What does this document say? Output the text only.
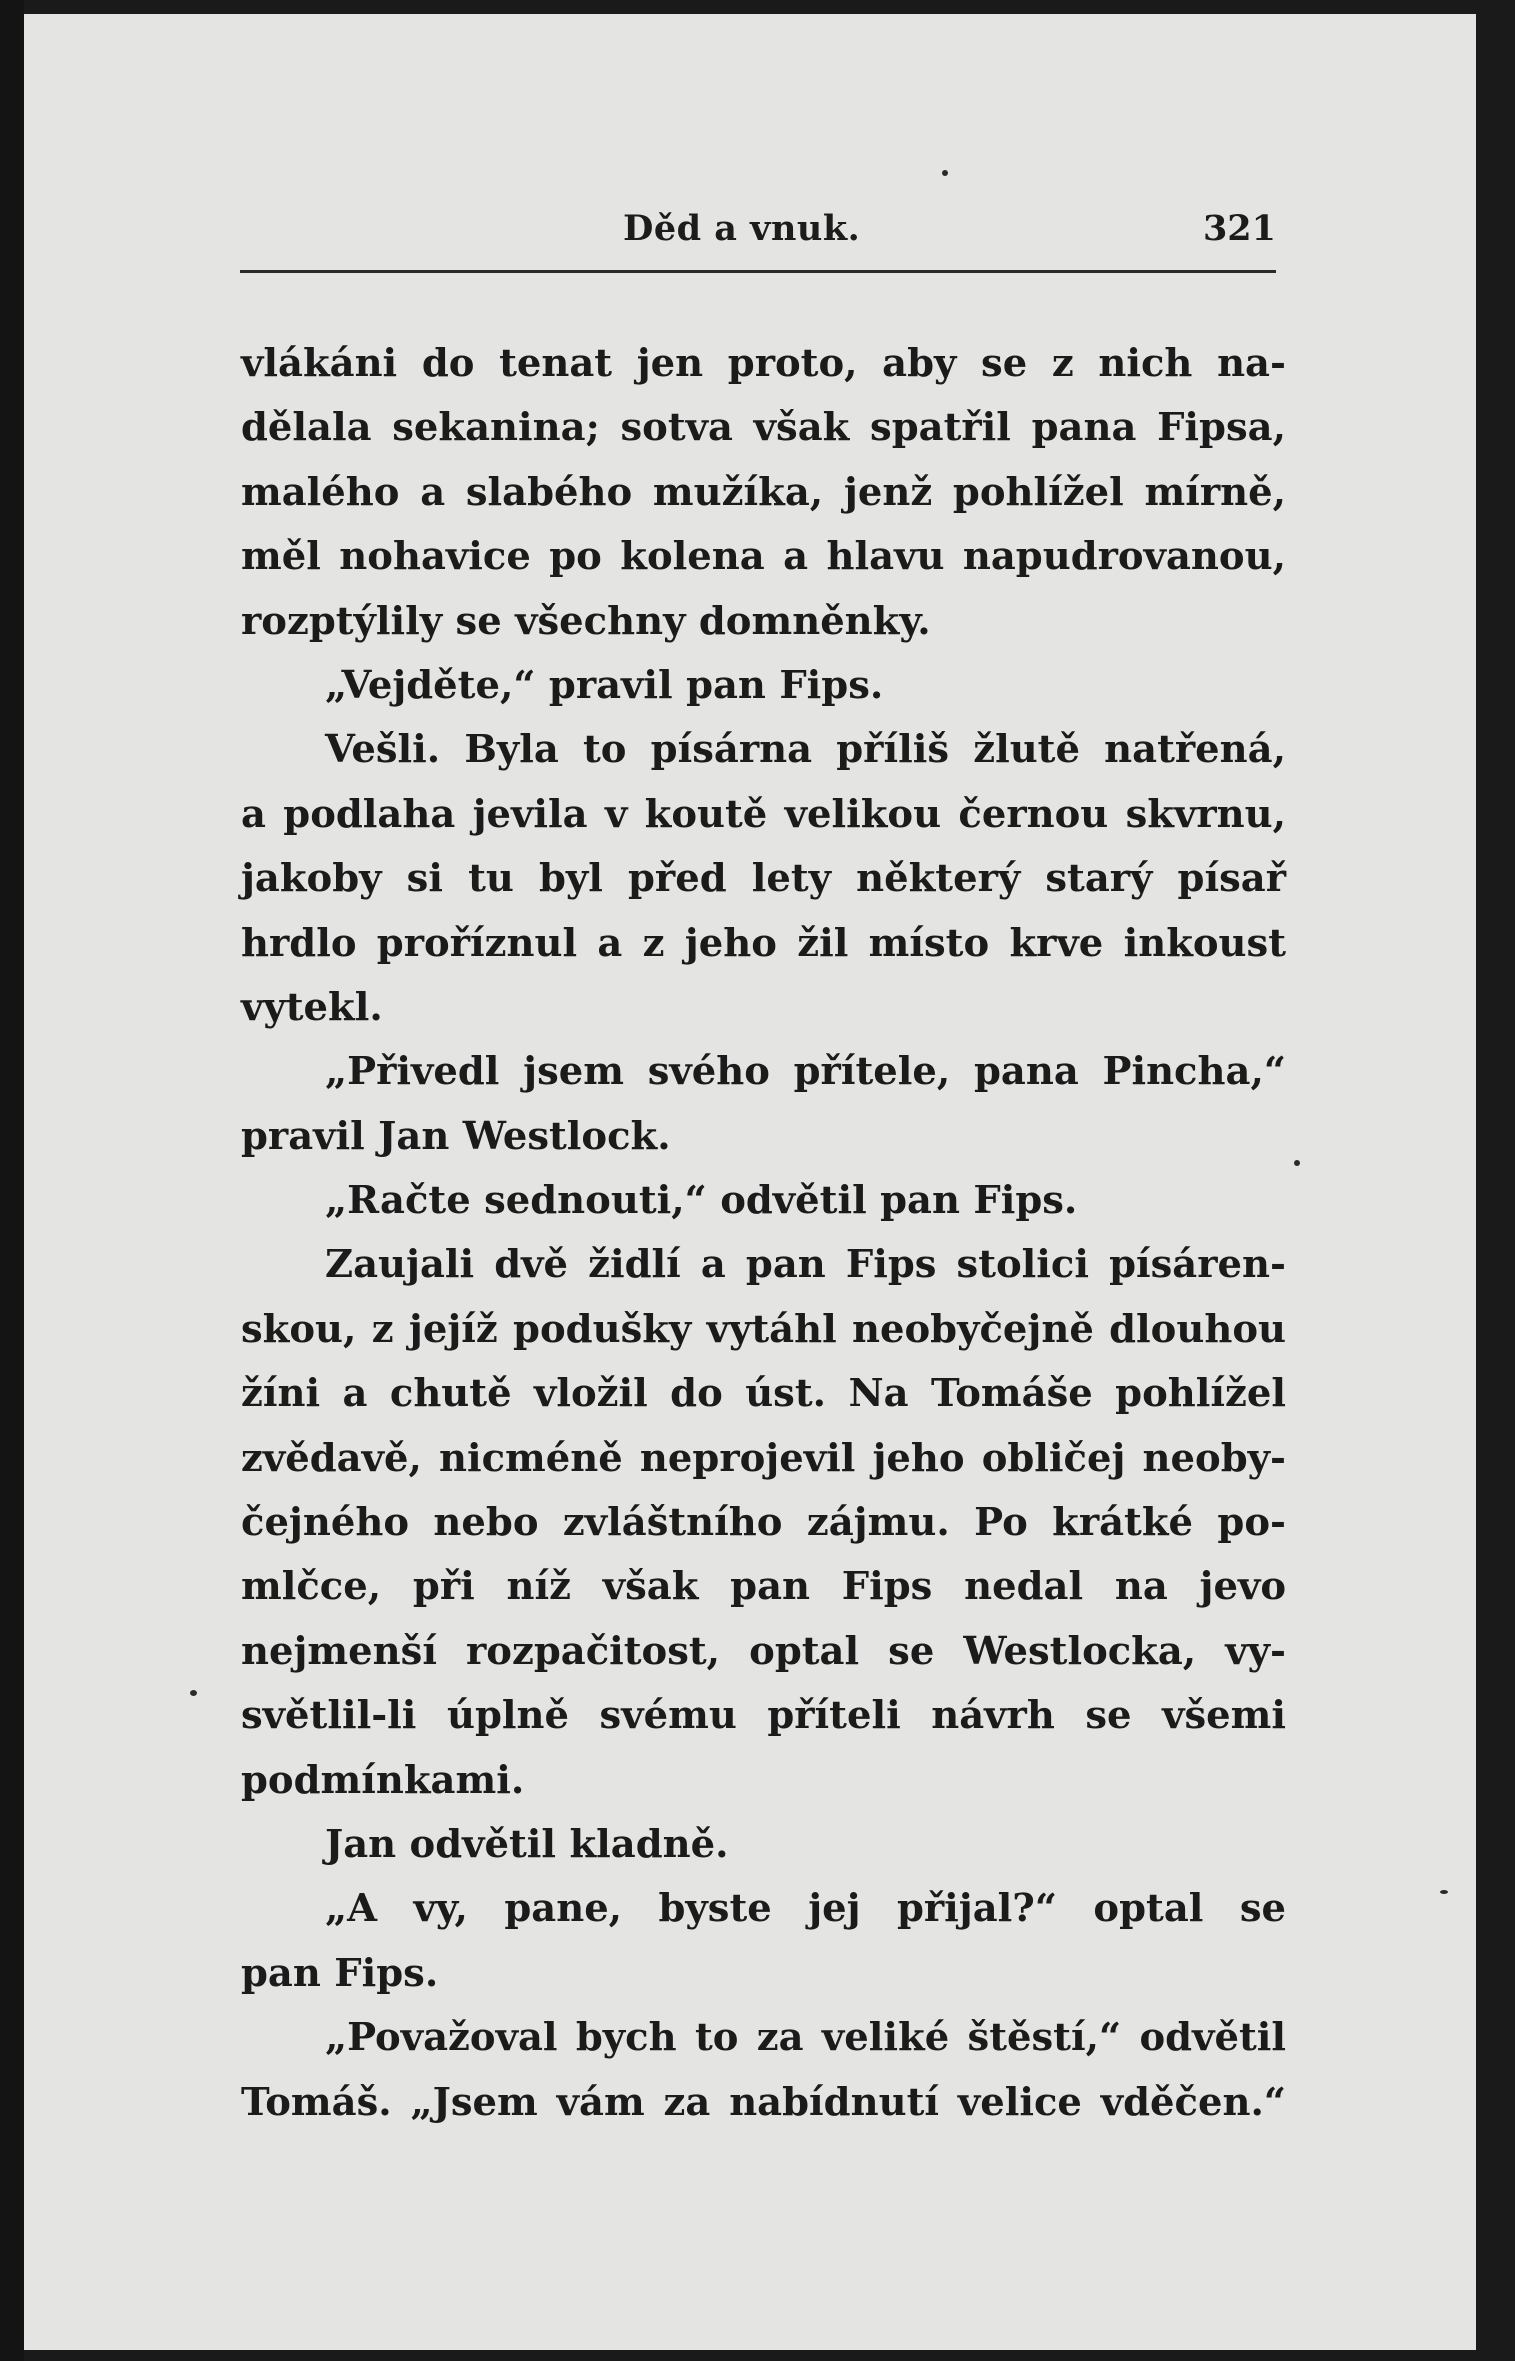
Děd a vnuk.	321
vlákáni do tenat jen proto, aby se z nich na-
dělala sekanina; sotva však spatřil pana Fipsa,
malého a slabého mužíka, jenž pohlížel mírně,
měl nohavice po kolena a hlavu napudrovanou,
rozptýlily se všechny domněnky.
„Vejděte,“ pravil pan Fips.
Vešli. Byla to písárna příliš žlutě natřená,
a podlaha jevila v koutě velikou černou skvrnu,
jakoby si tu byl před lety některý starý písař
hrdlo proříznul a z jeho žil místo krve inkoust
vytekl.
„Přivedl jsem svého přítele, pana Pincha,“
pravil Jan Westlock.
„Račte sednouti,“ odvětil pan Fips.
Zaujali dvě židlí a pan Fips stolici písáren-
skou, z jejíž podušky vytáhl neobyčejně dlouhou
žíni a chutě vložil do úst. Na Tomáše pohlížel
zvědavě, nicméně neprojevil jeho obličej neoby-
čejného nebo zvláštního zájmu. Po krátké po-
mlčce, při níž však pan Fips nedal na jevo
nejmenší rozpačitost, optal se Westlocka, vy-
světlil-li úplně svému příteli návrh se všemi
podmínkami.
Jan odvětil kladně.
„A vy, pane, byste jej přijal?“ optal se
pan Fips.
„Považoval bych to za veliké štěstí,“ odvětil
Tomáš. „Jsem vám za nabídnutí velice vděčen.“
